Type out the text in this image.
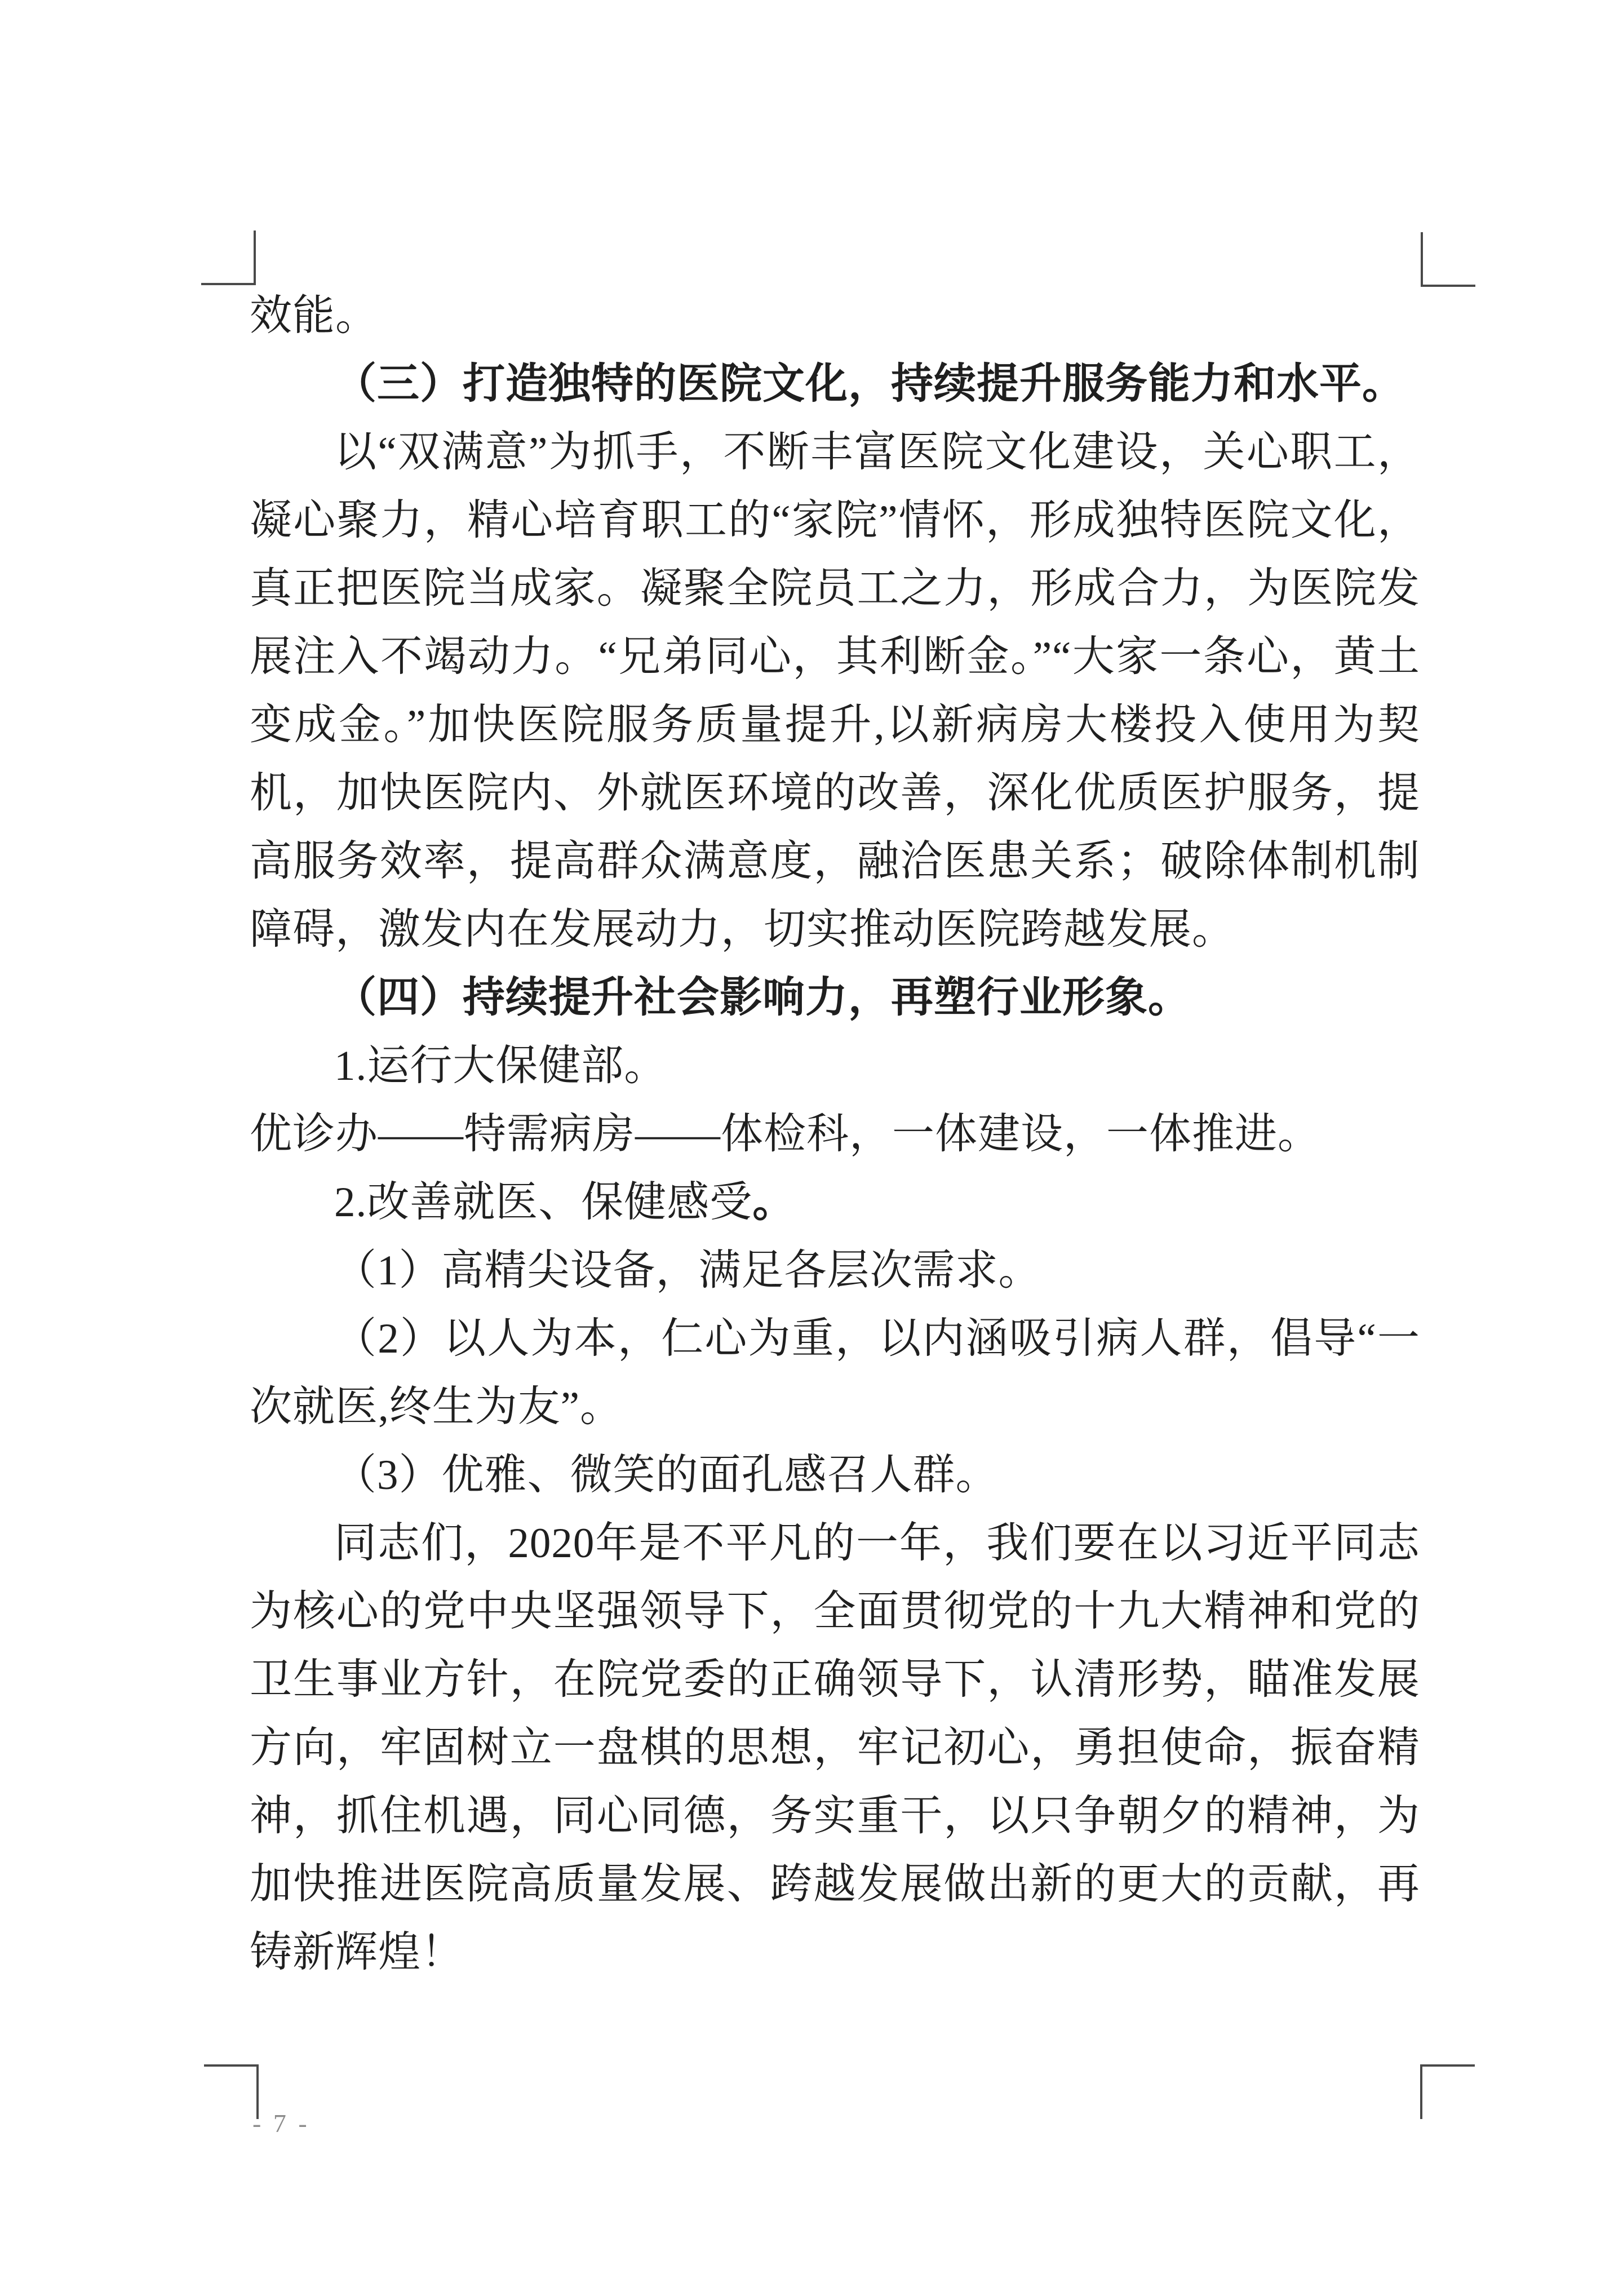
效能。

（三）打造独特的医院文化，持续提升服务能力和水平。

以“双满意”为抓手，不断丰富医院文化建设，关心职工，凝心聚力，精心培育职工的“家院”情怀，形成独特医院文化，真正把医院当成家。凝聚全院员工之力，形成合力，为医院发展注入不竭动力。“兄弟同心，其利断金。”“大家一条心，黄土变成金。”加快医院服务质量提升,以新病房大楼投入使用为契机，加快医院内、外就医环境的改善，深化优质医护服务，提高服务效率，提高群众满意度，融洽医患关系；破除体制机制障碍，激发内在发展动力，切实推动医院跨越发展。

（四）持续提升社会影响力，再塑行业形象。

1.运行大保健部。

优诊办——特需病房——体检科，一体建设，一体推进。

2.改善就医、保健感受。

（1）高精尖设备，满足各层次需求。

（2）以人为本，仁心为重，以内涵吸引病人群，倡导“一次就医,终生为友”。

（3）优雅、微笑的面孔感召人群。

同志们，2020年是不平凡的一年，我们要在以习近平同志为核心的党中央坚强领导下，全面贯彻党的十九大精神和党的卫生事业方针，在院党委的正确领导下，认清形势，瞄准发展方向，牢固树立一盘棋的思想，牢记初心，勇担使命，振奋精神，抓住机遇，同心同德，务实重干，以只争朝夕的精神，为加快推进医院高质量发展、跨越发展做出新的更大的贡献，再铸新辉煌！

- 7 -
